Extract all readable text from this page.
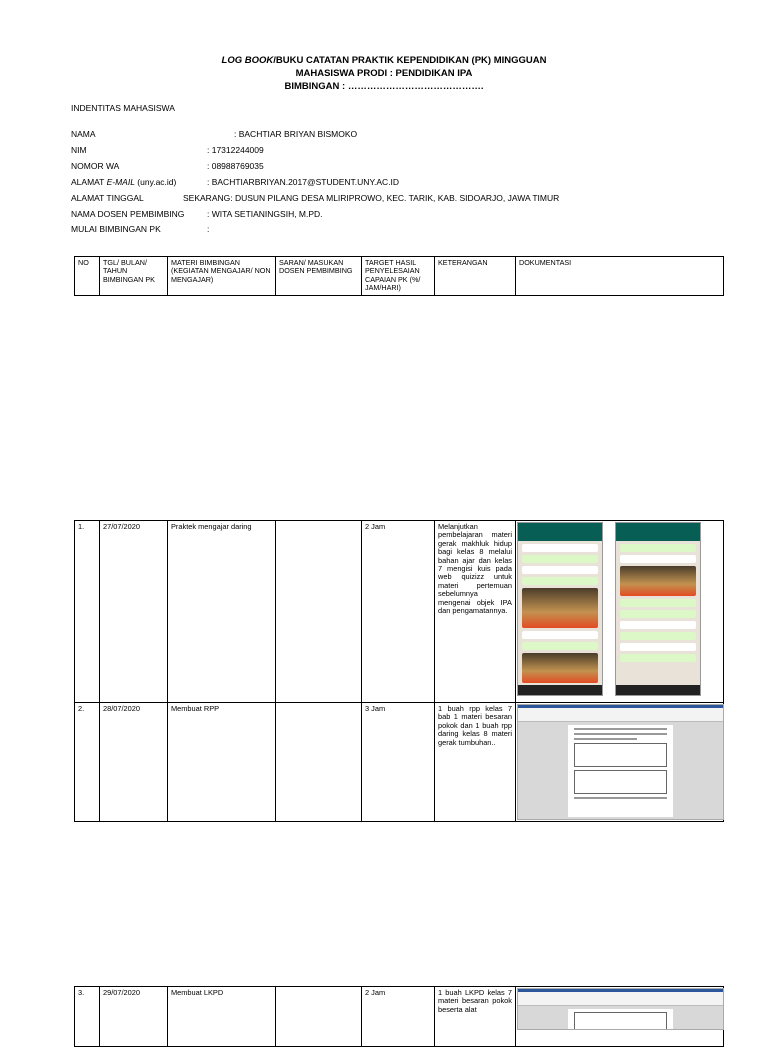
LOG BOOK/BUKU CATATAN PRAKTIK KEPENDIDIKAN (PK) MINGGUAN
MAHASISWA PRODI : PENDIDIKAN IPA
BIMBINGAN : …………………………………….
INDENTITAS MAHASISWA
NAMA	: BACHTIAR BRIYAN BISMOKO
NIM	: 17312244009
NOMOR WA	: 08988769035
ALAMAT E-MAIL (uny.ac.id)	: BACHTIARBRIYAN.2017@STUDENT.UNY.AC.ID
ALAMAT TINGGAL	SEKARANG: DUSUN PILANG DESA MLIRIPROWO, KEC. TARIK, KAB. SIDOARJO, JAWA TIMUR
NAMA DOSEN PEMBIMBING	: WITA SETIANINGSIH, M.PD.
MULAI BIMBINGAN PK	:
NO	TGL/ BULAN/ TAHUN BIMBINGAN PK	MATERI BIMBINGAN (KEGIATAN MENGAJAR/ NON MENGAJAR)	SARAN/ MASUKAN DOSEN PEMBIMBING	TARGET HASIL PENYELESAIAN CAPAIAN PK (%/ JAM/HARI)	KETERANGAN	DOKUMENTASI
1.	27/07/2020	Praktek mengajar daring		2 Jam	Melanjutkan pembelajaran materi gerak makhluk hidup bagi kelas 8 melalui bahan ajar dan kelas 7 mengisi kuis pada web quizizz untuk materi pertemuan sebelumnya mengenai objek IPA dan pengamatannya.	

2.	28/07/2020	Membuat RPP		3 Jam	1 buah rpp kelas 7 bab 1 materi besaran pokok dan 1 buah rpp daring kelas 8 materi gerak tumbuhan..	
3.	29/07/2020	Membuat LKPD		2 Jam	1 buah LKPD kelas 7 materi besaran pokok beserta alat	
